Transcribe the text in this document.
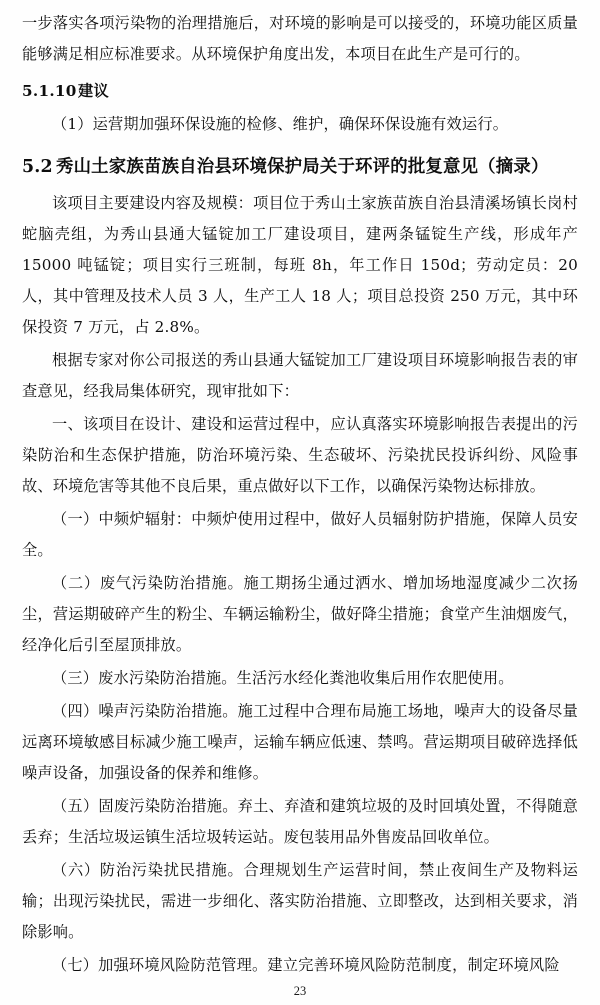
一步落实各项污染物的治理措施后，对环境的影响是可以接受的，环境功能区质量能够满足相应标准要求。从环境保护角度出发，本项目在此生产是可行的。

5.1.10建议

（1）运营期加强环保设施的检修、维护，确保环保设施有效运行。

5.2 秀山土家族苗族自治县环境保护局关于环评的批复意见（摘录）

该项目主要建设内容及规模：项目位于秀山土家族苗族自治县清溪场镇长岗村蛇脑壳组，为秀山县通大锰锭加工厂建设项目，建两条锰锭生产线，形成年产 15000 吨锰锭；项目实行三班制，每班 8h，年工作日 150d；劳动定员：20 人，其中管理及技术人员 3 人，生产工人 18 人；项目总投资 250 万元，其中环保投资 7 万元，占 2.8%。

根据专家对你公司报送的秀山县通大锰锭加工厂建设项目环境影响报告表的审查意见，经我局集体研究，现审批如下：

一、该项目在设计、建设和运营过程中，应认真落实环境影响报告表提出的污染防治和生态保护措施，防治环境污染、生态破坏、污染扰民投诉纠纷、风险事故、环境危害等其他不良后果，重点做好以下工作，以确保污染物达标排放。

（一）中频炉辐射：中频炉使用过程中，做好人员辐射防护措施，保障人员安全。

（二）废气污染防治措施。施工期扬尘通过洒水、增加场地湿度减少二次扬尘，营运期破碎产生的粉尘、车辆运输粉尘，做好降尘措施；食堂产生油烟废气，经净化后引至屋顶排放。

（三）废水污染防治措施。生活污水经化粪池收集后用作农肥使用。

（四）噪声污染防治措施。施工过程中合理布局施工场地，噪声大的设备尽量远离环境敏感目标减少施工噪声，运输车辆应低速、禁鸣。营运期项目破碎选择低噪声设备，加强设备的保养和维修。

（五）固废污染防治措施。弃土、弃渣和建筑垃圾的及时回填处置，不得随意丢弃；生活垃圾运镇生活垃圾转运站。废包装用品外售废品回收单位。

（六）防治污染扰民措施。合理规划生产运营时间，禁止夜间生产及物料运输；出现污染扰民，需进一步细化、落实防治措施、立即整改，达到相关要求，消除影响。

（七）加强环境风险防范管理。建立完善环境风险防范制度，制定环境风险

23
